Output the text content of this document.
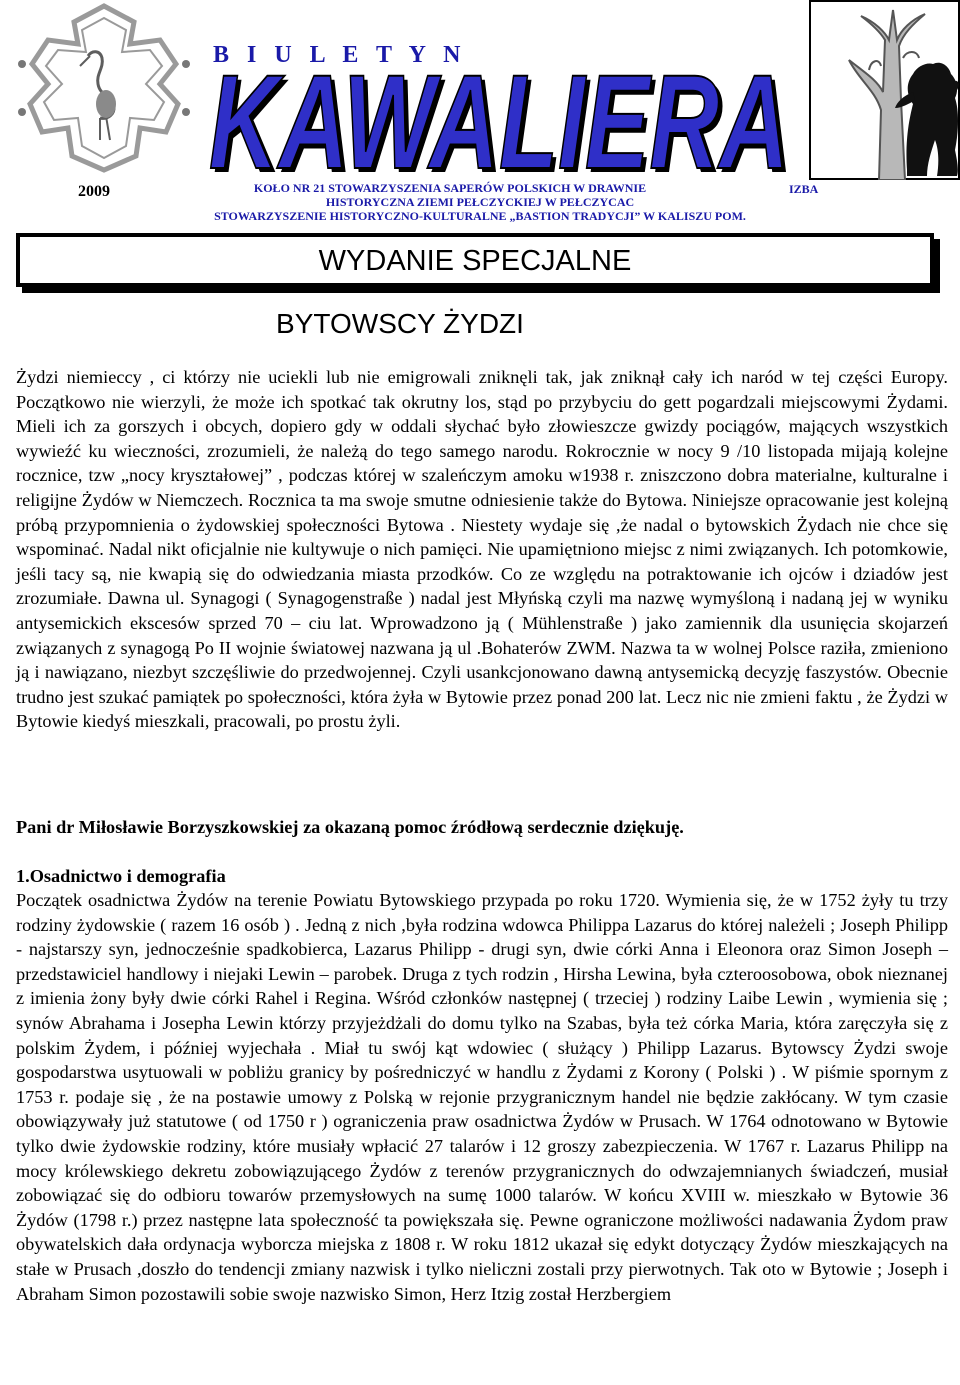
B I U L E T Y N
KAWALIERA
KAWALIERA
2009	IZBA
KOŁO NR 21 STOWARZYSZENIA SAPERÓW POLSKICH W DRAWNIE
HISTORYCZNA ZIEMI PEŁCZYCKIEJ W PEŁCZYCAC
STOWARZYSZENIE HISTORYCZNO-KULTURALNE „BASTION TRADYCJI” W KALISZU POM.
WYDANIE SPECJALNE
BYTOWSCY ŻYDZI

Żydzi niemieccy , ci którzy nie uciekli lub nie emigrowali zniknęli tak, jak zniknął cały ich naród w tej części Europy. Początkowo nie wierzyli, że może ich spotkać tak okrutny los, stąd po przybyciu do gett pogardzali miejscowymi Żydami. Mieli ich za gorszych i obcych, dopiero gdy w oddali słychać było złowieszcze gwizdy pociągów, mających wszystkich wywieźć ku wieczności, zrozumieli, że należą do tego samego narodu. Rokrocznie w nocy 9 /10 listopada mijają kolejne rocznice, tzw „nocy kryształowej” , podczas której w szaleńczym amoku w1938 r. zniszczono dobra materialne, kulturalne i religijne Żydów w Niemczech. Rocznica ta ma swoje smutne odniesienie także do Bytowa. Niniejsze opracowanie jest kolejną próbą przypomnienia o żydowskiej społeczności Bytowa . Niestety wydaje się ,że nadal o bytowskich Żydach nie chce się wspominać. Nadal nikt oficjalnie nie kultywuje o nich pamięci. Nie upamiętniono miejsc z nimi związanych. Ich potomkowie, jeśli tacy są, nie kwapią się do odwiedzania miasta przodków. Co ze względu na potraktowanie ich ojców i dziadów jest zrozumiałe. Dawna ul. Synagogi ( Synagogenstraße ) nadal jest Młyńską czyli ma nazwę wymyśloną i nadaną jej w wyniku antysemickich ekscesów sprzed 70 – ciu lat. Wprowadzono ją ( Mühlenstraße ) jako zamiennik dla usunięcia skojarzeń związanych z synagogą Po II wojnie światowej nazwana ją ul .Bohaterów ZWM. Nazwa ta w wolnej Polsce raziła, zmieniono ją i nawiązano, niezbyt szczęśliwie do przedwojennej. Czyli usankcjonowano dawną antysemicką decyzję faszystów. Obecnie trudno jest szukać pamiątek po społeczności, która żyła w Bytowie przez ponad 200 lat. Lecz nic nie zmieni faktu , że Żydzi w Bytowie kiedyś mieszkali, pracowali, po prostu żyli.

Pani dr Miłosławie Borzyszkowskiej za okazaną pomoc źródłową serdecznie dziękuję.
1.Osadnictwo i demografia

Początek osadnictwa Żydów na terenie Powiatu Bytowskiego przypada po roku 1720. Wymienia się, że w 1752 żyły tu trzy rodziny żydowskie ( razem 16 osób ) . Jedną z nich ,była rodzina wdowca Philippa Lazarus do której należeli ; Joseph Philipp - najstarszy syn, jednocześnie spadkobierca, Lazarus Philipp - drugi syn, dwie córki Anna i Eleonora oraz Simon Joseph – przedstawiciel handlowy i niejaki Lewin – parobek. Druga z tych rodzin , Hirsha Lewina, była czteroosobowa, obok nieznanej z imienia żony były dwie córki Rahel i Regina. Wśród członków następnej ( trzeciej ) rodziny Laibe Lewin , wymienia się ; synów Abrahama i Josepha Lewin którzy przyjeżdżali do domu tylko na Szabas, była też córka Maria, która zaręczyła się z polskim Żydem, i później wyjechała . Miał tu swój kąt wdowiec ( służący ) Philipp Lazarus. Bytowscy Żydzi swoje gospodarstwa usytuowali w pobliżu granicy by pośredniczyć w handlu z Żydami z Korony ( Polski ) . W piśmie spornym z 1753 r. podaje się , że na postawie umowy z Polską w rejonie przygranicznym handel nie będzie zakłócany. W tym czasie obowiązywały już statutowe ( od 1750 r ) ograniczenia praw osadnictwa Żydów w Prusach. W 1764 odnotowano w Bytowie tylko dwie żydowskie rodziny, które musiały wpłacić 27 talarów i 12 groszy zabezpieczenia. W 1767 r. Lazarus Philipp na mocy królewskiego dekretu zobowiązującego Żydów z terenów przygranicznych do odwzajemnianych świadczeń, musiał zobowiązać się do odbioru towarów przemysłowych na sumę 1000 talarów. W końcu XVIII w. mieszkało w Bytowie 36 Żydów (1798 r.) przez następne lata społeczność ta powiększała się. Pewne ograniczone możliwości nadawania Żydom praw obywatelskich dała ordynacja wyborcza miejska z 1808 r. W roku 1812 ukazał się edykt dotyczący Żydów mieszkających na stałe w Prusach ,doszło do tendencji zmiany nazwisk i tylko nieliczni zostali przy pierwotnych. Tak oto w Bytowie ; Joseph i Abraham Simon pozostawili sobie swoje nazwisko Simon, Herz Itzig został Herzbergiem
